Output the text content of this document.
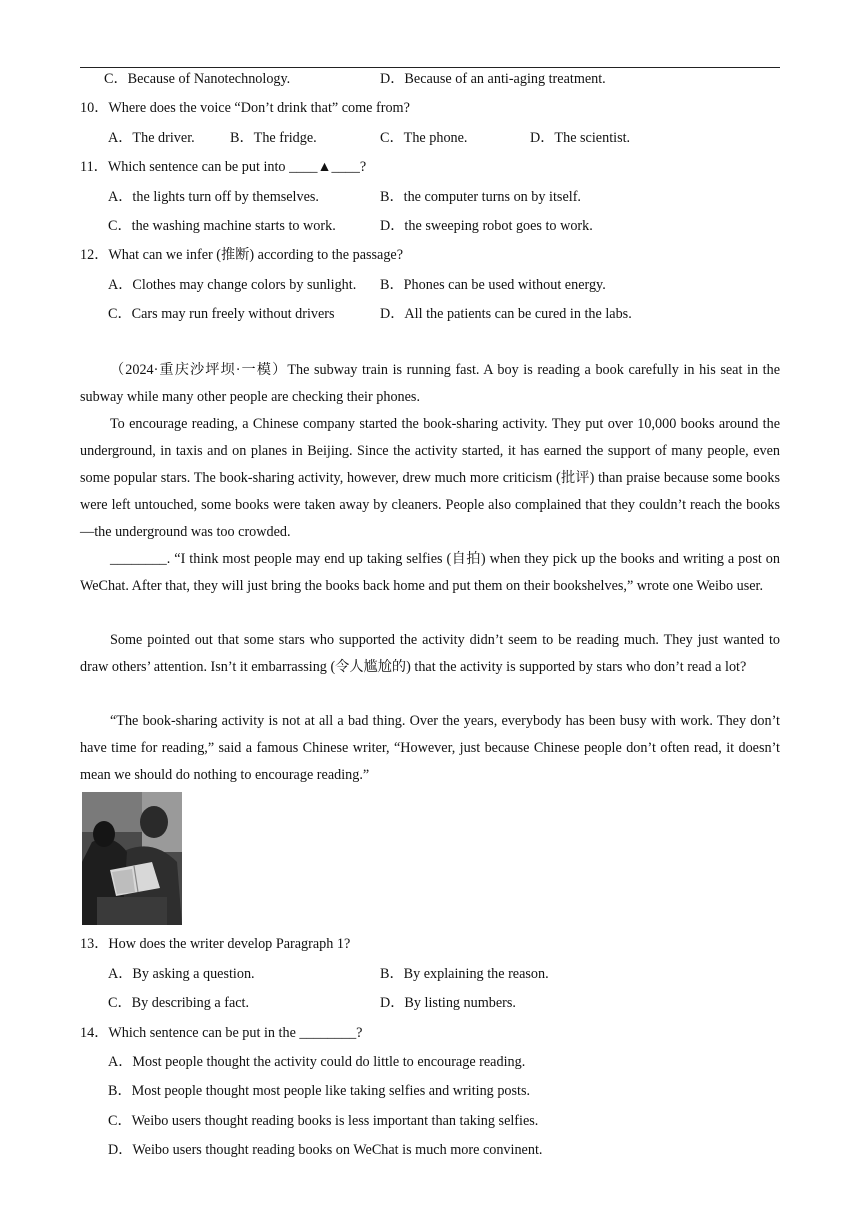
C．Because of Nanotechnology.	D．Because of an anti-aging treatment.
10．Where does the voice “Don’t drink that” come from?
A．The driver. B．The fridge.	C．The phone.	D．The scientist.
11．Which sentence can be put into ____▲____?
A．the lights turn off by themselves.	B．the computer turns on by itself.
C．the washing machine starts to work.	D．the sweeping robot goes to work.
12．What can we infer (推断) according to the passage?
A．Clothes may change colors by sunlight. B．Phones can be used without energy.
C．Cars may run freely without drivers	D．All the patients can be cured in the labs.
（2024·重庆沙坪坝·一模）The subway train is running fast. A boy is reading a book carefully in his seat in the subway while many other people are checking their phones.
To encourage reading, a Chinese company started the book-sharing activity. They put over 10,000 books around the underground, in taxis and on planes in Beijing. Since the activity started, it has earned the support of many people, even some popular stars. The book-sharing activity, however, drew much more criticism (批评) than praise because some books were left untouched, some books were taken away by cleaners. People also complained that they couldn’t reach the books—the underground was too crowded.
________. “I think most people may end up taking selfies (自拍) when they pick up the books and writing a post on WeChat. After that, they will just bring the books back home and put them on their bookshelves,” wrote one Weibo user.
Some pointed out that some stars who supported the activity didn’t seem to be reading much. They just wanted to draw others’ attention. Isn’t it embarrassing (令人尴尬的) that the activity is supported by stars who don’t read a lot?
“The book-sharing activity is not at all a bad thing. Over the years, everybody has been busy with work. They don’t have time for reading,” said a famous Chinese writer, “However, just because Chinese people don’t often read, it doesn’t mean we should do nothing to encourage reading.”
13．How does the writer develop Paragraph 1?
A．By asking a question.	B．By explaining the reason.
C．By describing a fact.	D．By listing numbers.
14．Which sentence can be put in the ________?
A．Most people thought the activity could do little to encourage reading.
B．Most people thought most people like taking selfies and writing posts.
C．Weibo users thought reading books is less important than taking selfies.
D．Weibo users thought reading books on WeChat is much more convinent.
